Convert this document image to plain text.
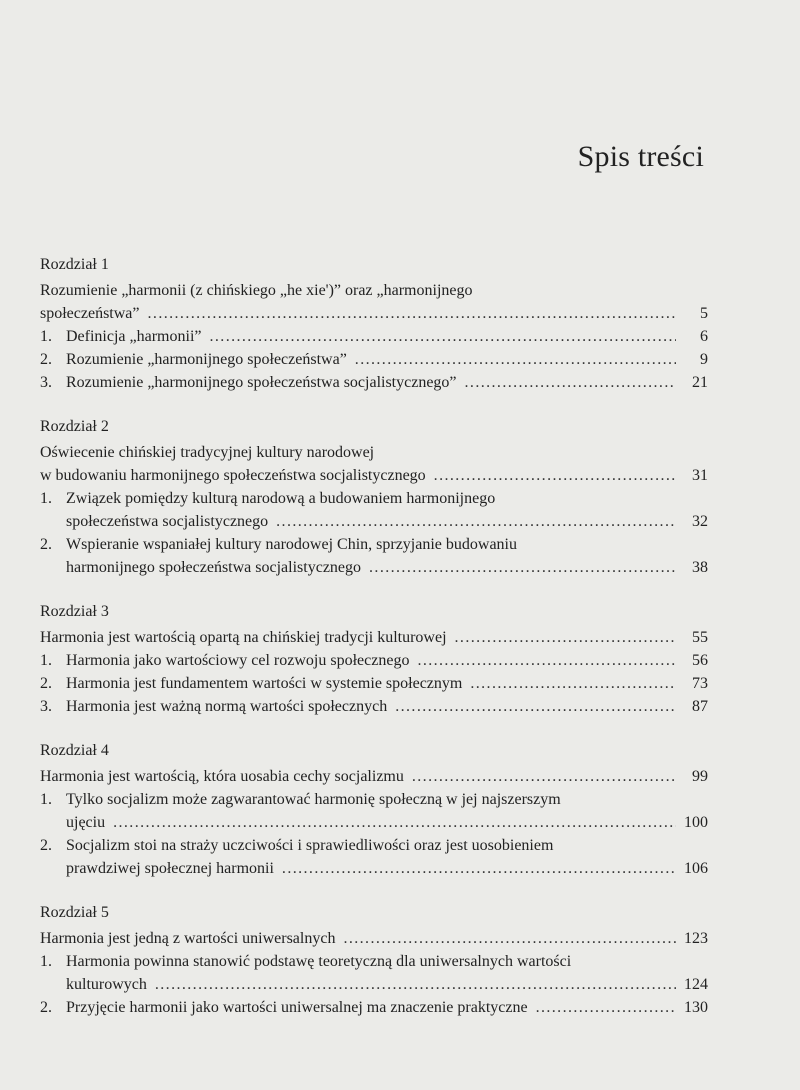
Spis treści
Rozdział 1
Rozumienie „harmonii (z chińskiego „he xie')” oraz „harmonijnego
społeczeństwa” .....	5
1. Definicja „harmonii” .....	6
2. Rozumienie „harmonijnego społeczeństwa” .....	9
3. Rozumienie „harmonijnego społeczeństwa socjalistycznego” .....	21
Rozdział 2
Oświecenie chińskiej tradycyjnej kultury narodowej
w budowaniu harmonijnego społeczeństwa socjalistycznego .....	31
1. Związek pomiędzy kulturą narodową a budowaniem harmonijnego
społeczeństwa socjalistycznego .....	32
2. Wspieranie wspaniałej kultury narodowej Chin, sprzyjanie budowaniu
harmonijnego społeczeństwa socjalistycznego .....	38
Rozdział 3
Harmonia jest wartością opartą na chińskiej tradycji kulturowej .....	55
1. Harmonia jako wartościowy cel rozwoju społecznego .....	56
2. Harmonia jest fundamentem wartości w systemie społecznym .....	73
3. Harmonia jest ważną normą wartości społecznych .....	87
Rozdział 4
Harmonia jest wartością, która uosabia cechy socjalizmu .....	99
1. Tylko socjalizm może zagwarantować harmonię społeczną w jej najszerszym
ujęciu .....	100
2. Socjalizm stoi na straży uczciwości i sprawiedliwości oraz jest uosobieniem
prawdziwej społecznej harmonii .....	106
Rozdział 5
Harmonia jest jedną z wartości uniwersalnych .....	123
1. Harmonia powinna stanowić podstawę teoretyczną dla uniwersalnych wartości
kulturowych .....	124
2. Przyjęcie harmonii jako wartości uniwersalnej ma znaczenie praktyczne .....	130
